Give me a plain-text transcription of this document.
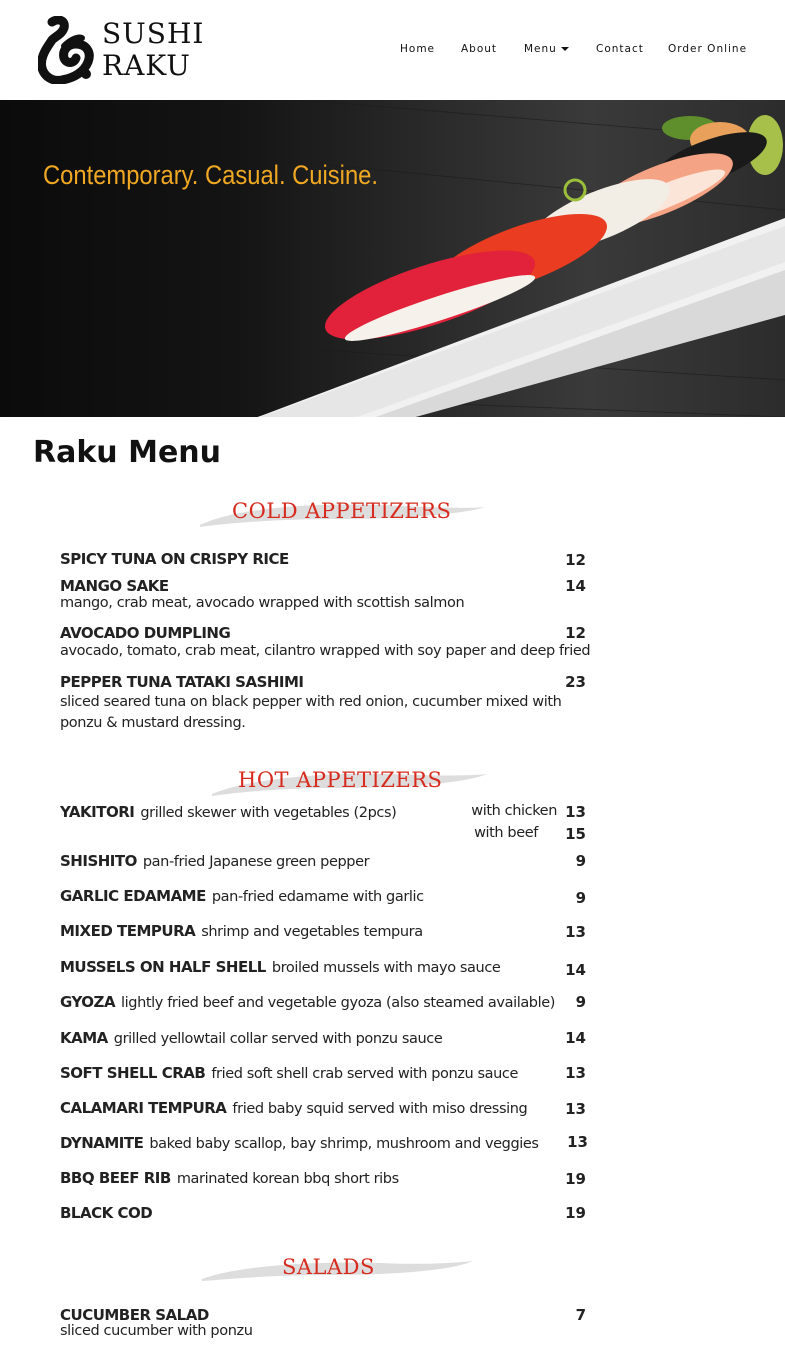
SUSHI
RAKU	Home About	Menu	Contact Order Online
Contemporary. Casual. Cuisine.
Raku Menu
COLD APPETIZERS
SPICY TUNA ON CRISPY RICE	12
MANGO SAKE	14
mango, crab meat, avocado wrapped with scottish salmon
AVOCADO DUMPLING	12
avocado, tomato, crab meat, cilantro wrapped with soy paper and deep fried
PEPPER TUNA TATAKI SASHIMI	23
sliced seared tuna on black pepper with red onion, cucumber mixed with
ponzu & mustard dressing.
HOT APPETIZERS
YAKITORI grilled skewer with vegetables (2pcs)	with chicken 13
with beef	15
SHISHITO pan-fried Japanese green pepper	9
GARLIC EDAMAME pan-fried edamame with garlic	9
MIXED TEMPURA shrimp and vegetables tempura	13
MUSSELS ON HALF SHELL broiled mussels with mayo sauce	14
GYOZA lightly fried beef and vegetable gyoza (also steamed available)	9
KAMA grilled yellowtail collar served with ponzu sauce	14
SOFT SHELL CRAB fried soft shell crab served with ponzu sauce	13
CALAMARI TEMPURA fried baby squid served with miso dressing	13
DYNAMITE baked baby scallop, bay shrimp, mushroom and veggies	13
BBQ BEEF RIB marinated korean bbq short ribs	19
BLACK COD	19
SALADS
CUCUMBER SALAD	7
sliced cucumber with ponzu
